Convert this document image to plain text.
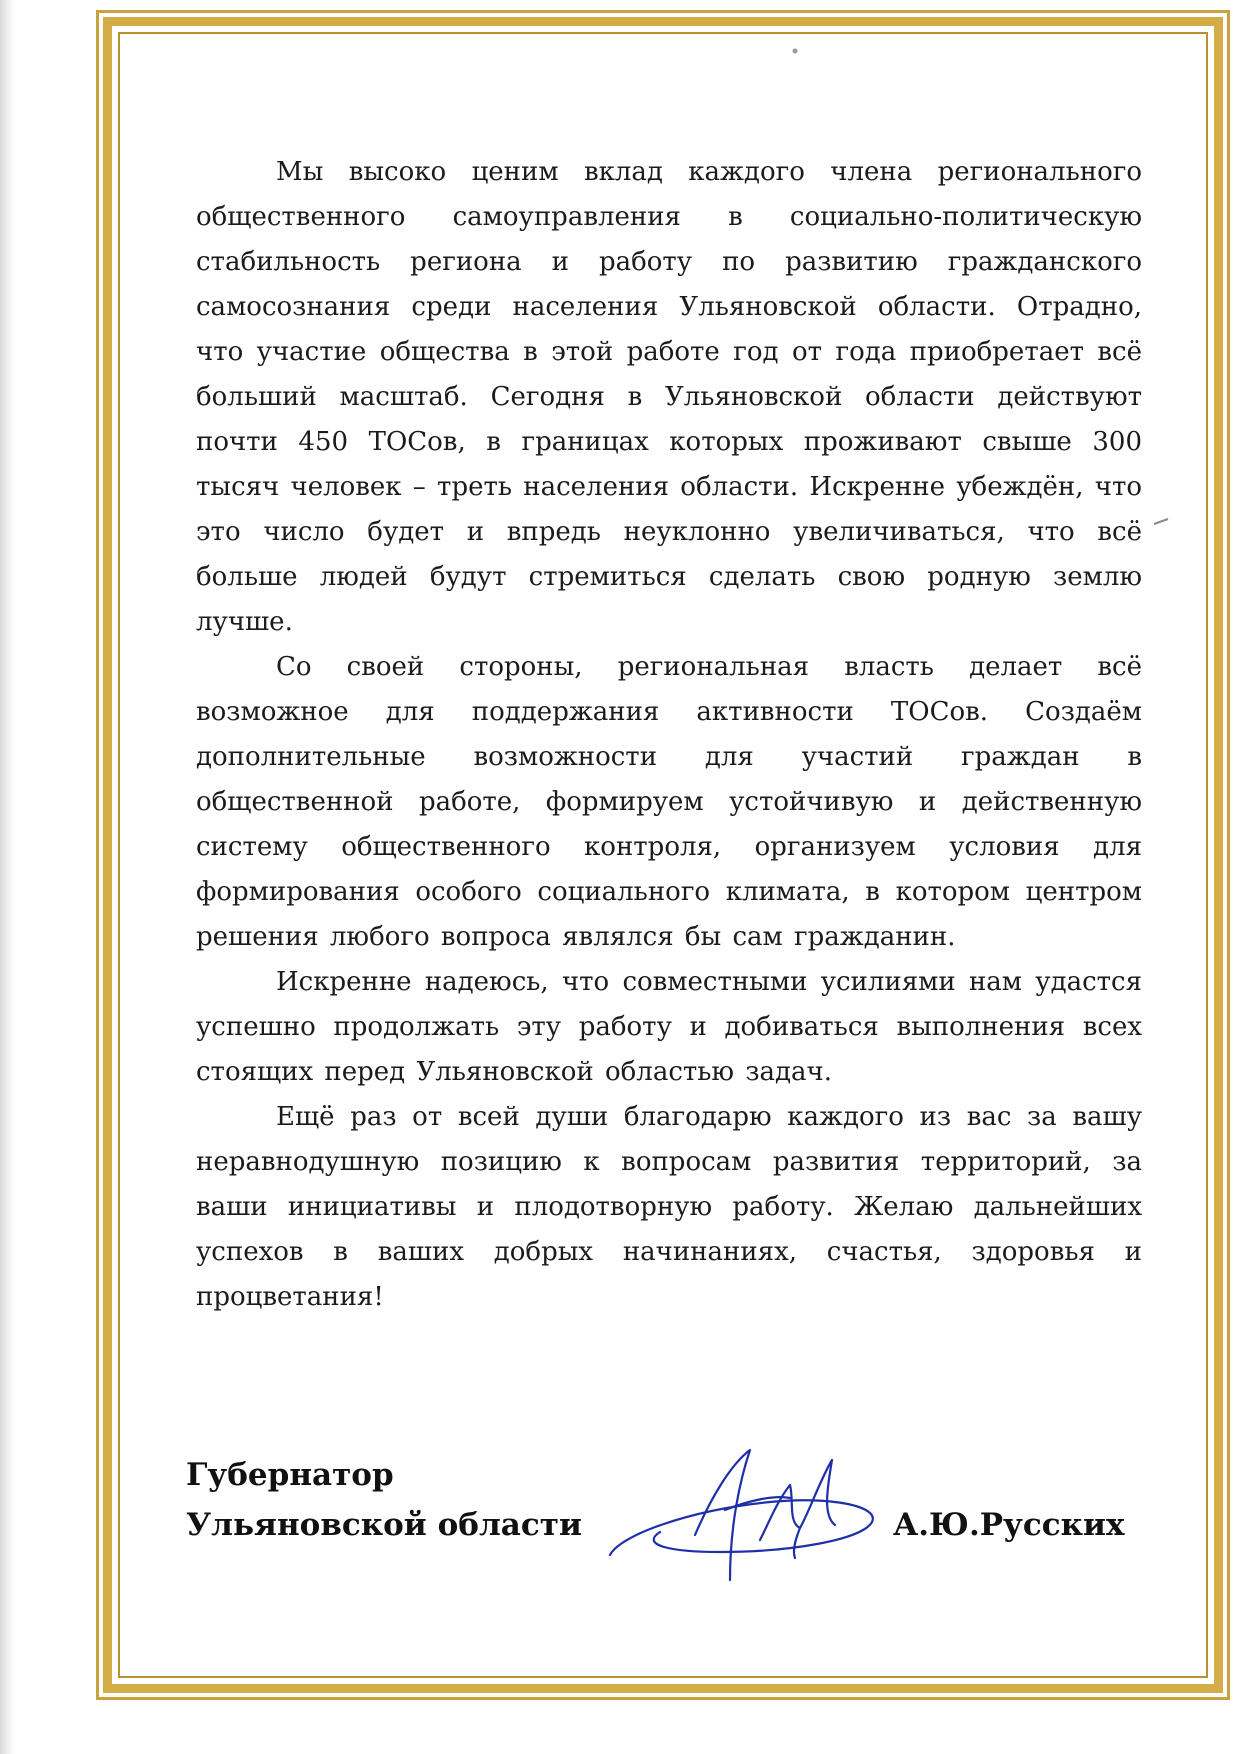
Мы высоко ценим вклад каждого члена регионального общественного самоуправления в социально-политическую стабильность региона и работу по развитию гражданского самосознания среди населения Ульяновской области. Отрадно, что участие общества в этой работе год от года приобретает всё больший масштаб. Сегодня в Ульяновской области действуют почти 450 ТОСов, в границах которых проживают свыше 300 тысяч человек – треть населения области. Искренне убеждён, что это число будет и впредь неуклонно увеличиваться, что всё больше людей будут стремиться сделать свою родную землю лучше.

Со своей стороны, региональная власть делает всё возможное для поддержания активности ТОСов. Создаём дополнительные возможности для участий граждан в общественной работе, формируем устойчивую и действенную систему общественного контроля, организуем условия для формирования особого социального климата, в котором центром решения любого вопроса являлся бы сам гражданин.

Искренне надеюсь, что совместными усилиями нам удастся успешно продолжать эту работу и добиваться выполнения всех стоящих перед Ульяновской областью задач.

Ещё раз от всей души благодарю каждого из вас за вашу неравнодушную позицию к вопросам развития территорий, за ваши инициативы и плодотворную работу. Желаю дальнейших успехов в ваших добрых начинаниях, счастья, здоровья и процветания!

Губернатор
Ульяновской области	А.Ю.Русских
